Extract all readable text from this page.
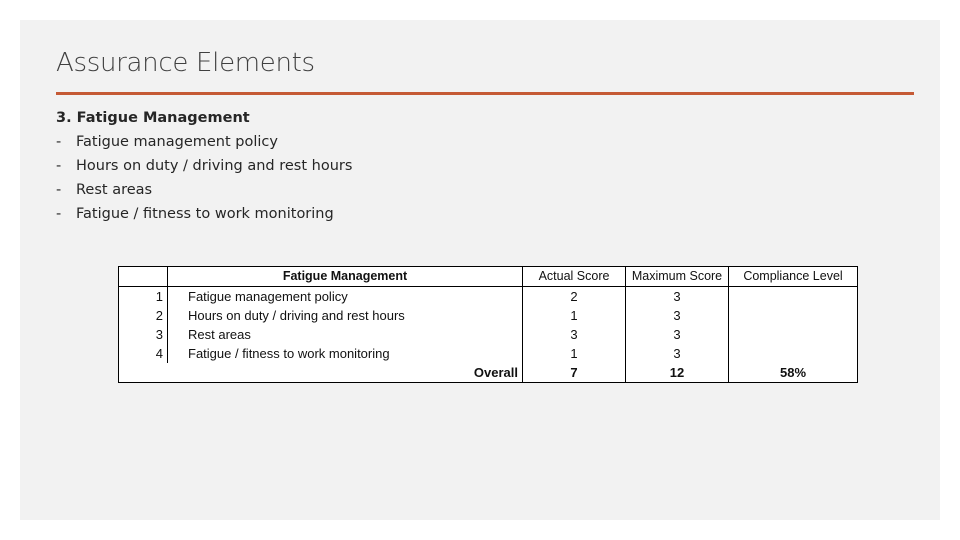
Assurance Elements
3. Fatigue Management
-	Fatigue management policy
-	Hours on duty / driving and rest hours
-	Rest areas
-	Fatigue / fitness to work monitoring
	Fatigue Management	Actual Score	Maximum Score	Compliance Level
1	Fatigue management policy	2	3	
2	Hours on duty / driving and rest hours	1	3	
3	Rest areas	3	3	
4	Fatigue / fitness to work monitoring	1	3	
Overall		7	12	58%
